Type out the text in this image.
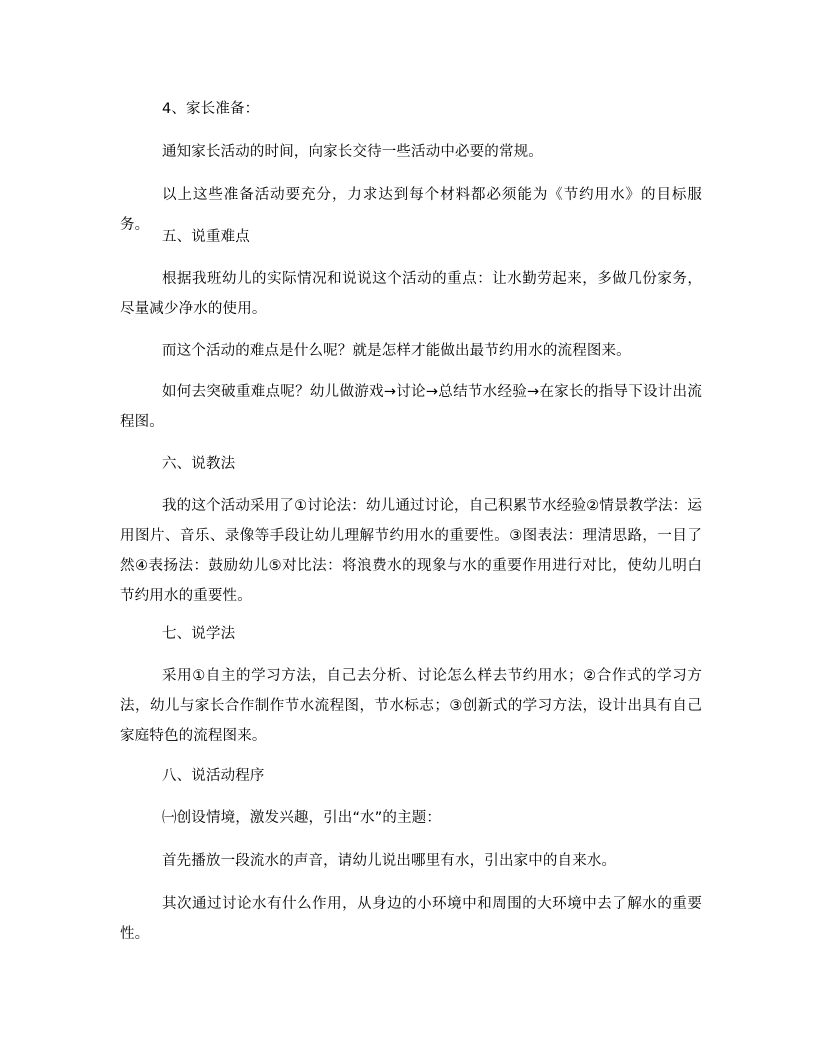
4、家长准备：

通知家长活动的时间，向家长交待一些活动中必要的常规。

以上这些准备活动要充分，力求达到每个材料都必须能为《节约用水》的目标服务。

五、说重难点

根据我班幼儿的实际情况和说说这个活动的重点：让水勤劳起来，多做几份家务，尽量减少净水的使用。

而这个活动的难点是什么呢？就是怎样才能做出最节约用水的流程图来。

如何去突破重难点呢？幼儿做游戏→讨论→总结节水经验→在家长的指导下设计出流程图。

六、说教法

我的这个活动采用了①讨论法：幼儿通过讨论，自己积累节水经验②情景教学法：运用图片、音乐、录像等手段让幼儿理解节约用水的重要性。③图表法：理清思路，一目了然④表扬法：鼓励幼儿⑤对比法：将浪费水的现象与水的重要作用进行对比，使幼儿明白节约用水的重要性。

七、说学法

采用①自主的学习方法，自己去分析、讨论怎么样去节约用水；②合作式的学习方法，幼儿与家长合作制作节水流程图，节水标志；③创新式的学习方法，设计出具有自己家庭特色的流程图来。

八、说活动程序

㈠创设情境，激发兴趣，引出“水”的主题：

首先播放一段流水的声音，请幼儿说出哪里有水，引出家中的自来水。

其次通过讨论水有什么作用，从身边的小环境中和周围的大环境中去了解水的重要性。
